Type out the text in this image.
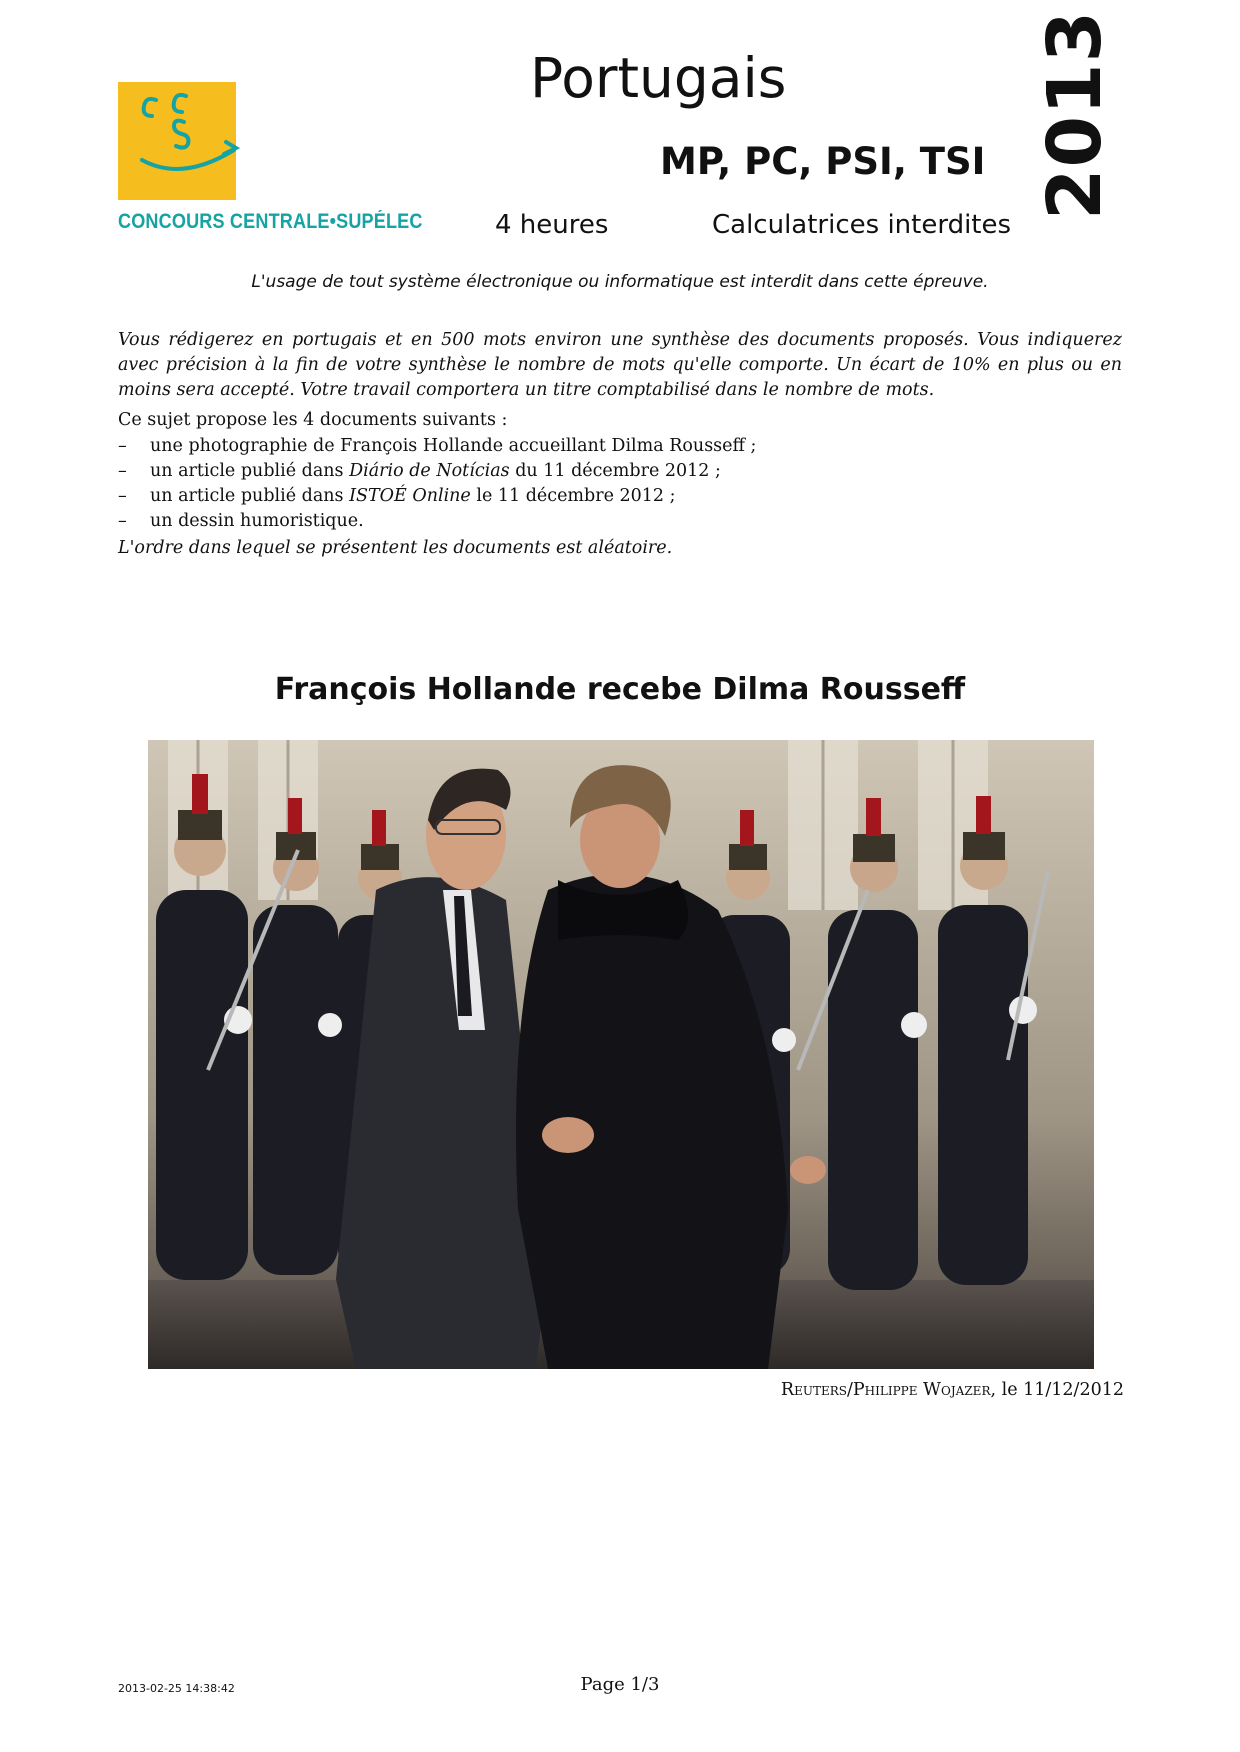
CONCOURS CENTRALE•SUPÉLEC
Portugais
MP, PC, PSI, TSI
4 heures	Calculatrices interdites
2013
L'usage de tout système électronique ou informatique est interdit dans cette épreuve.
Vous rédigerez en portugais et en 500 mots environ une synthèse des documents proposés. Vous indiquerez avec précision à la fin de votre synthèse le nombre de mots qu'elle comporte. Un écart de 10% en plus ou en moins sera accepté. Votre travail comportera un titre comptabilisé dans le nombre de mots.
Ce sujet propose les 4 documents suivants :
– une photographie de François Hollande accueillant Dilma Rousseff ;
– un article publié dans Diário de Notícias du 11 décembre 2012 ;
– un article publié dans ISTOÉ Online le 11 décembre 2012 ;
– un dessin humoristique.
L'ordre dans lequel se présentent les documents est aléatoire.
François Hollande recebe Dilma Rousseff
Reuters/Philippe Wojazer, le 11/12/2012
2013-02-25 14:38:42	Page 1/3
